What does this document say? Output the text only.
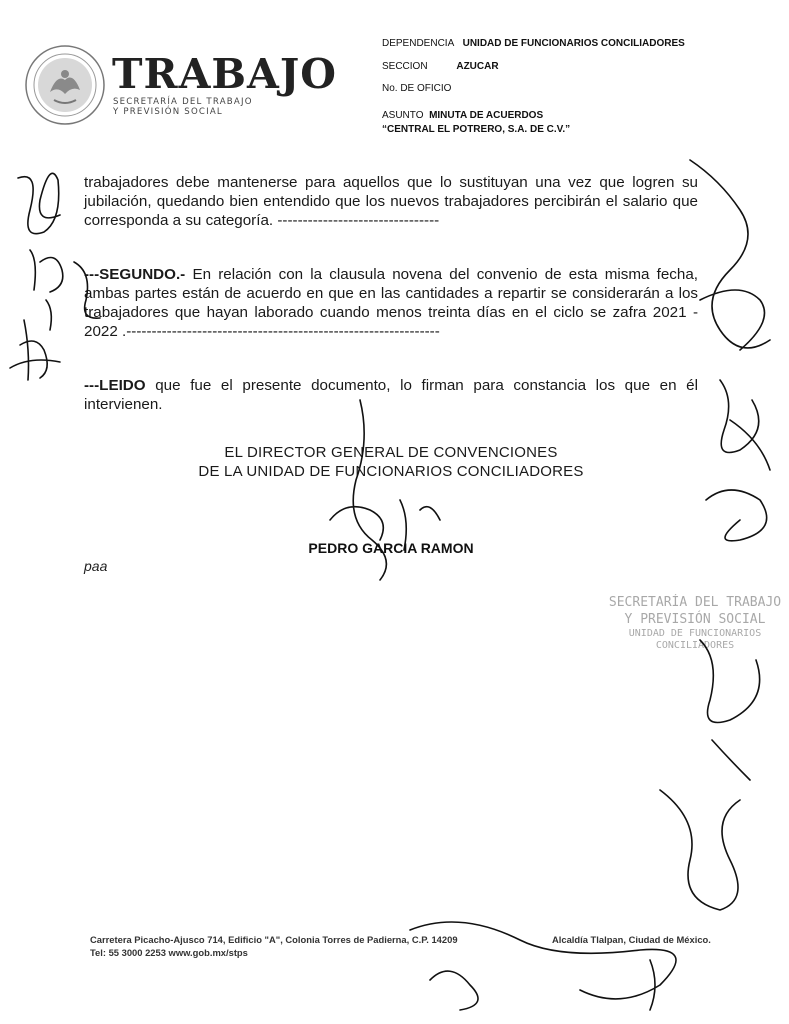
TRABAJO
SECRETARÍA DEL TRABAJO
Y PREVISIÓN SOCIAL
DEPENDENCIA UNIDAD DE FUNCIONARIOS CONCILIADORES
SECCION	AZUCAR
No. DE OFICIO
ASUNTO MINUTA DE ACUERDOS
“CENTRAL EL POTRERO, S.A. DE C.V.”
trabajadores debe mantenerse para aquellos que lo sustituyan una vez que logren su jubilación, quedando bien entendido que los nuevos trabajadores percibirán el salario que corresponda a su categoría. --------------------------------
---SEGUNDO.- En relación con la clausula novena del convenio de esta misma fecha, ambas partes están de acuerdo en que en las cantidades a repartir se considerarán a los trabajadores que hayan laborado cuando menos treinta días en el ciclo se zafra 2021 - 2022 .--------------------------------------------------------------
---LEIDO que fue el presente documento, lo firman para constancia los que en él intervienen.
EL DIRECTOR GENERAL DE CONVENCIONES
DE LA UNIDAD DE FUNCIONARIOS CONCILIADORES
PEDRO GARCIA RAMON
paa
SECRETARÍA DEL TRABAJO
Y PREVISIÓN SOCIAL
UNIDAD DE FUNCIONARIOS
CONCILIADORES
Carretera Picacho-Ajusco 714, Edificio "A", Colonia Torres de Padierna, C.P. 14209	Alcaldía Tlalpan, Ciudad de México.
Tel: 55 3000 2253 www.gob.mx/stps
